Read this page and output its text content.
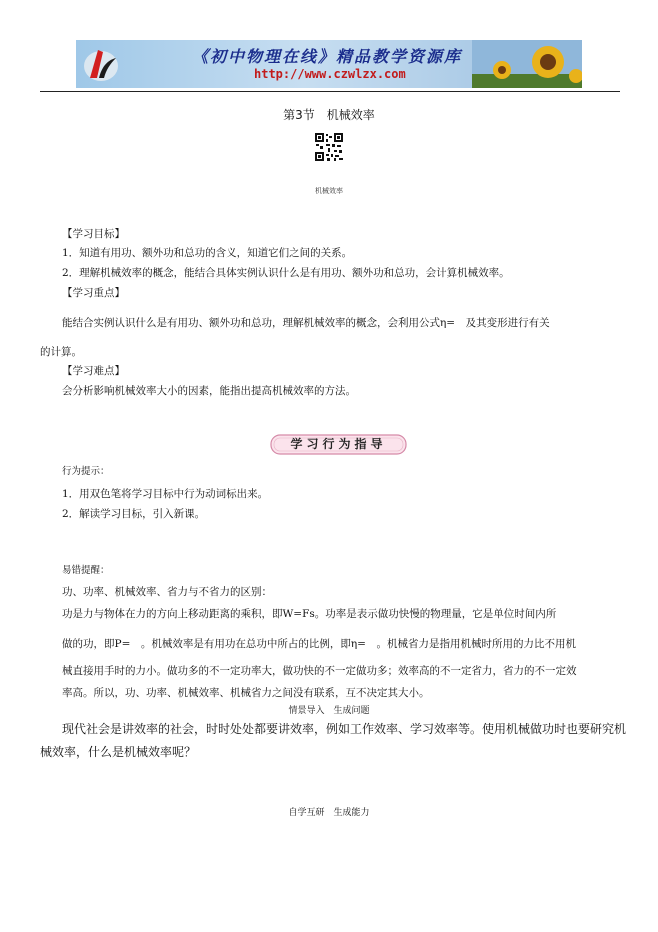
《初中物理在线》精品教学资源库
http://www.czwlzx.com
第3节　机械效率
机械效率
【学习目标】
1．知道有用功、额外功和总功的含义，知道它们之间的关系。
2．理解机械效率的概念，能结合具体实例认识什么是有用功、额外功和总功，会计算机械效率。
【学习重点】
能结合实例认识什么是有用功、额外功和总功，理解机械效率的概念，会利用公式η=　及其变形进行有关
的计算。
【学习难点】
会分析影响机械效率大小的因素，能指出提高机械效率的方法。
学习行为指导
行为提示：
1．用双色笔将学习目标中行为动词标出来。
2．解读学习目标，引入新课。
易错提醒：
功、功率、机械效率、省力与不省力的区别：
功是力与物体在力的方向上移动距离的乘积，即W=Fs。功率是表示做功快慢的物理量，它是单位时间内所
做的功，即P=　。机械效率是有用功在总功中所占的比例，即η=　。机械省力是指用机械时所用的力比不用机
械直接用手时的力小。做功多的不一定功率大，做功快的不一定做功多；效率高的不一定省力，省力的不一定效
率高。所以，功、功率、机械效率、机械省力之间没有联系，互不决定其大小。
情景导入　生成问题
现代社会是讲效率的社会，时时处处都要讲效率，例如工作效率、学习效率等。使用机械做功时也要研究机
械效率，什么是机械效率呢？
自学互研　生成能力
